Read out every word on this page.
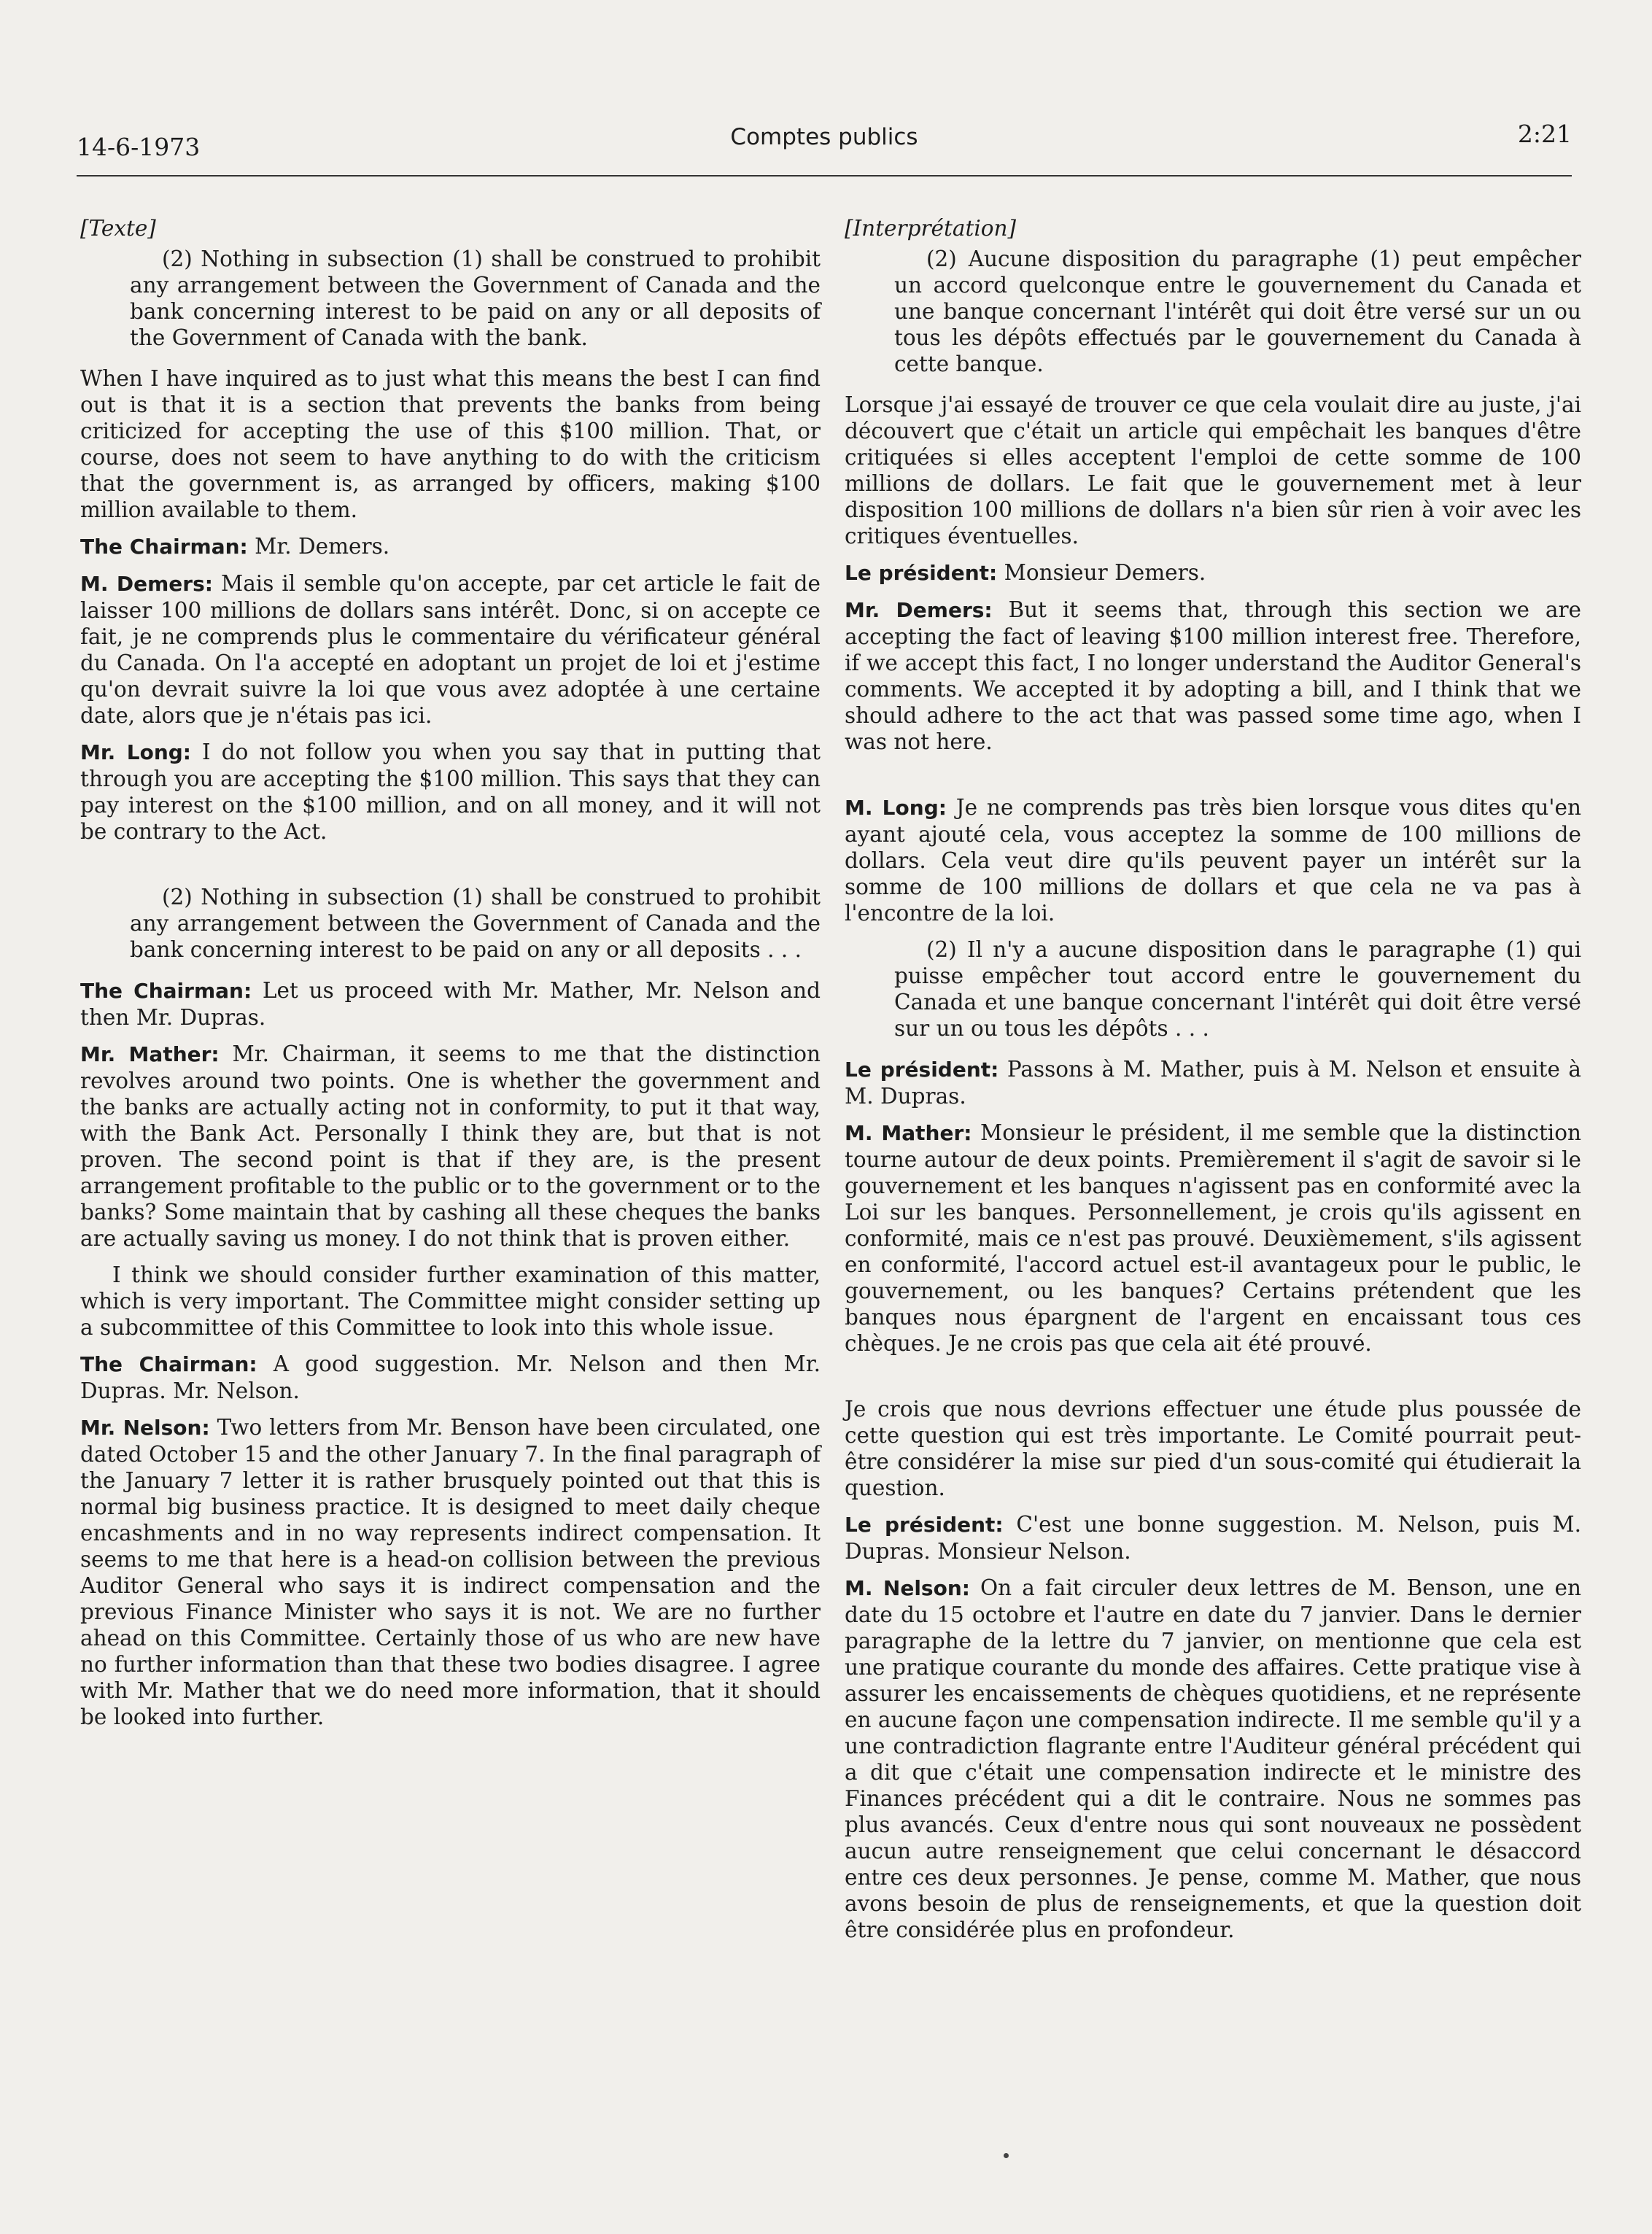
14-6-1973	Comptes publics	2:21
[Texte]

(2) Nothing in subsection (1) shall be construed to prohibit any arrangement between the Government of Canada and the bank concerning interest to be paid on any or all deposits of the Government of Canada with the bank.

When I have inquired as to just what this means the best I can find out is that it is a section that prevents the banks from being criticized for accepting the use of this $100 million. That, or course, does not seem to have anything to do with the criticism that the government is, as arranged by officers, making $100 million available to them.

The Chairman: Mr. Demers.

M. Demers: Mais il semble qu'on accepte, par cet article le fait de laisser 100 millions de dollars sans intérêt. Donc, si on accepte ce fait, je ne comprends plus le commentaire du vérificateur général du Canada. On l'a accepté en adoptant un projet de loi et j'estime qu'on devrait suivre la loi que vous avez adoptée à une certaine date, alors que je n'étais pas ici.

Mr. Long: I do not follow you when you say that in putting that through you are accepting the $100 million. This says that they can pay interest on the $100 million, and on all money, and it will not be contrary to the Act.

(2) Nothing in subsection (1) shall be construed to prohibit any arrangement between the Government of Canada and the bank concerning interest to be paid on any or all deposits . . .

The Chairman: Let us proceed with Mr. Mather, Mr. Nelson and then Mr. Dupras.

Mr. Mather: Mr. Chairman, it seems to me that the distinction revolves around two points. One is whether the government and the banks are actually acting not in conformity, to put it that way, with the Bank Act. Personally I think they are, but that is not proven. The second point is that if they are, is the present arrangement profitable to the public or to the government or to the banks? Some maintain that by cashing all these cheques the banks are actually saving us money. I do not think that is proven either.

I think we should consider further examination of this matter, which is very important. The Committee might consider setting up a subcommittee of this Committee to look into this whole issue.

The Chairman: A good suggestion. Mr. Nelson and then Mr. Dupras. Mr. Nelson.

Mr. Nelson: Two letters from Mr. Benson have been circulated, one dated October 15 and the other January 7. In the final paragraph of the January 7 letter it is rather brusquely pointed out that this is normal big business practice. It is designed to meet daily cheque encashments and in no way represents indirect compensation. It seems to me that here is a head-on collision between the previous Auditor General who says it is indirect compensation and the previous Finance Minister who says it is not. We are no further ahead on this Committee. Certainly those of us who are new have no further information than that these two bodies disagree. I agree with Mr. Mather that we do need more information, that it should be looked into further.

[Interprétation]

(2) Aucune disposition du paragraphe (1) peut empêcher un accord quelconque entre le gouvernement du Canada et une banque concernant l'intérêt qui doit être versé sur un ou tous les dépôts effectués par le gouvernement du Canada à cette banque.

Lorsque j'ai essayé de trouver ce que cela voulait dire au juste, j'ai découvert que c'était un article qui empêchait les banques d'être critiquées si elles acceptent l'emploi de cette somme de 100 millions de dollars. Le fait que le gouvernement met à leur disposition 100 millions de dollars n'a bien sûr rien à voir avec les critiques éventuelles.

Le président: Monsieur Demers.

Mr. Demers: But it seems that, through this section we are accepting the fact of leaving $100 million interest free. Therefore, if we accept this fact, I no longer understand the Auditor General's comments. We accepted it by adopting a bill, and I think that we should adhere to the act that was passed some time ago, when I was not here.

M. Long: Je ne comprends pas très bien lorsque vous dites qu'en ayant ajouté cela, vous acceptez la somme de 100 millions de dollars. Cela veut dire qu'ils peuvent payer un intérêt sur la somme de 100 millions de dollars et que cela ne va pas à l'encontre de la loi.

(2) Il n'y a aucune disposition dans le paragraphe (1) qui puisse empêcher tout accord entre le gouvernement du Canada et une banque concernant l'intérêt qui doit être versé sur un ou tous les dépôts . . .

Le président: Passons à M. Mather, puis à M. Nelson et ensuite à M. Dupras.

M. Mather: Monsieur le président, il me semble que la distinction tourne autour de deux points. Premièrement il s'agit de savoir si le gouvernement et les banques n'agissent pas en conformité avec la Loi sur les banques. Personnellement, je crois qu'ils agissent en conformité, mais ce n'est pas prouvé. Deuxièmement, s'ils agissent en conformité, l'accord actuel est-il avantageux pour le public, le gouvernement, ou les banques? Certains prétendent que les banques nous épargnent de l'argent en encaissant tous ces chèques. Je ne crois pas que cela ait été prouvé.

Je crois que nous devrions effectuer une étude plus poussée de cette question qui est très importante. Le Comité pourrait peut-être considérer la mise sur pied d'un sous-comité qui étudierait la question.

Le président: C'est une bonne suggestion. M. Nelson, puis M. Dupras. Monsieur Nelson.

M. Nelson: On a fait circuler deux lettres de M. Benson, une en date du 15 octobre et l'autre en date du 7 janvier. Dans le dernier paragraphe de la lettre du 7 janvier, on mentionne que cela est une pratique courante du monde des affaires. Cette pratique vise à assurer les encaissements de chèques quotidiens, et ne représente en aucune façon une compensation indirecte. Il me semble qu'il y a une contradiction flagrante entre l'Auditeur général précédent qui a dit que c'était une compensation indirecte et le ministre des Finances précédent qui a dit le contraire. Nous ne sommes pas plus avancés. Ceux d'entre nous qui sont nouveaux ne possèdent aucun autre renseignement que celui concernant le désaccord entre ces deux personnes. Je pense, comme M. Mather, que nous avons besoin de plus de renseignements, et que la question doit être considérée plus en profondeur.
